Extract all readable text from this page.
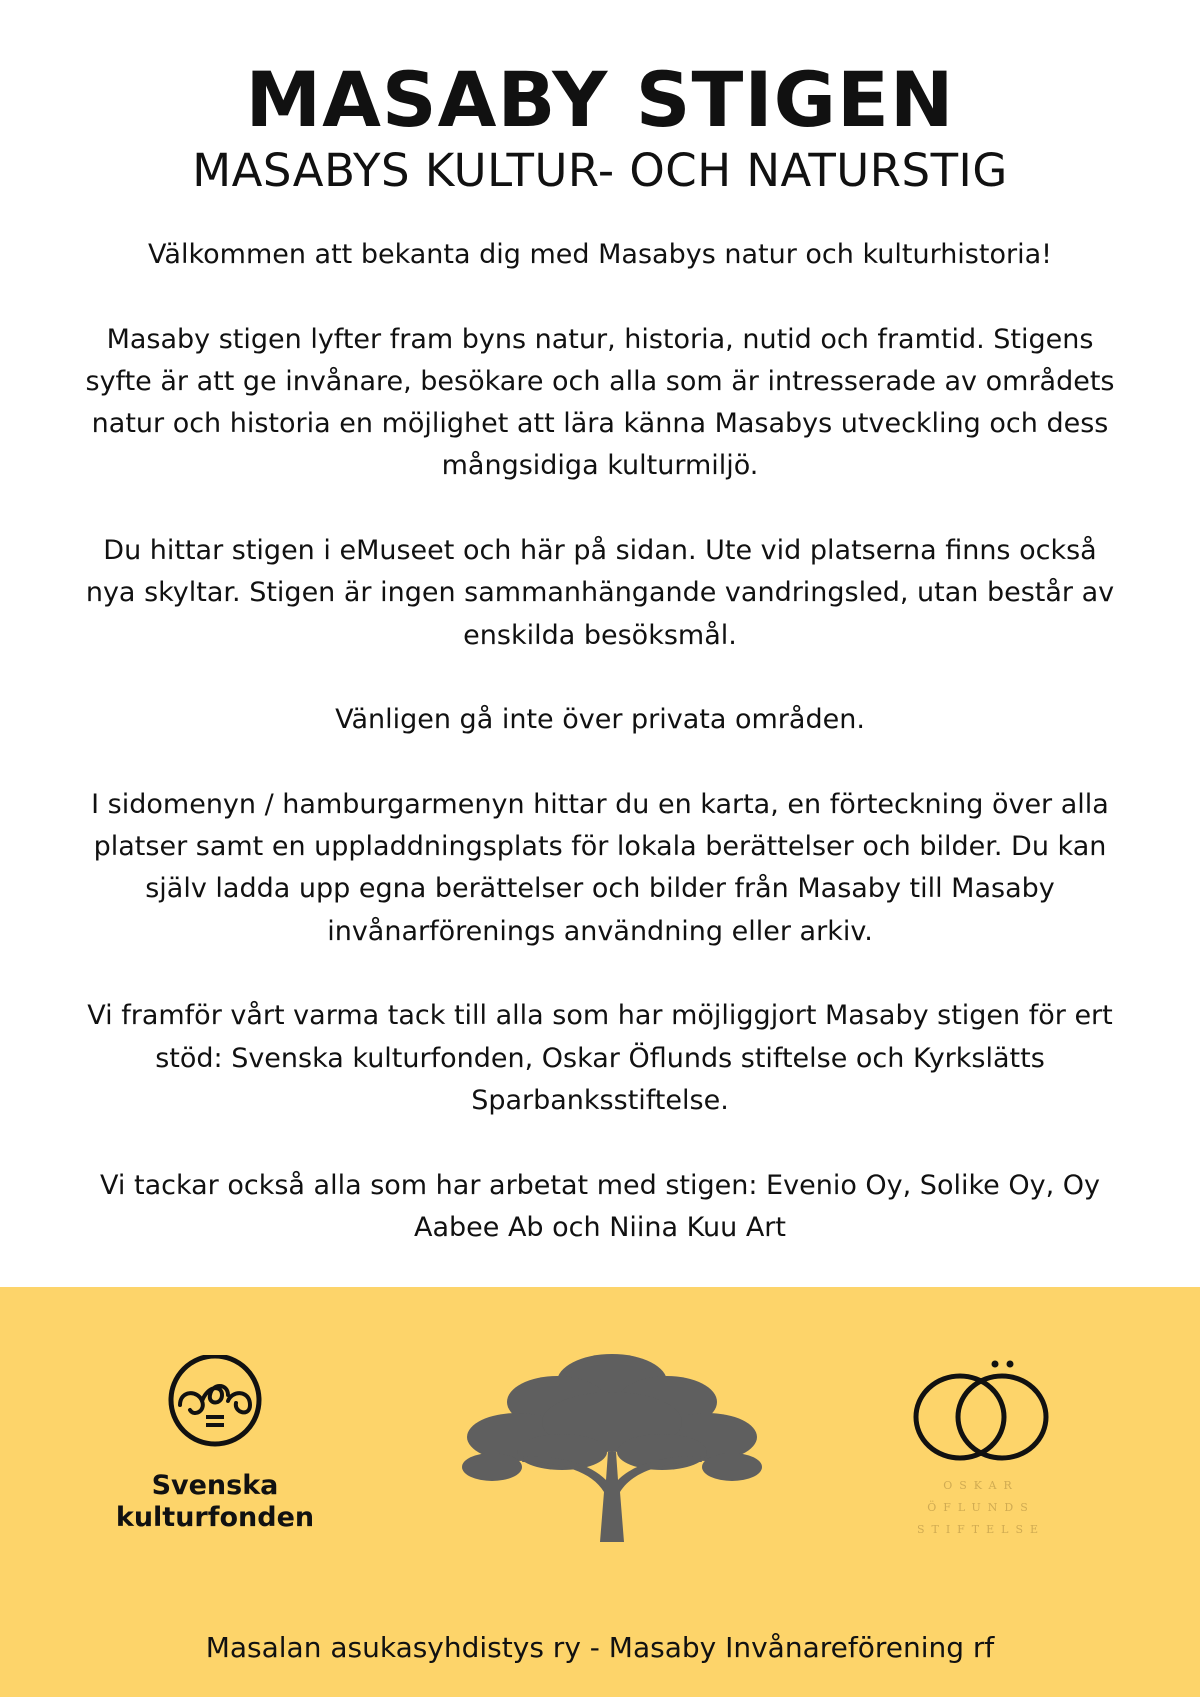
MASABY STIGEN
MASABYS KULTUR- OCH NATURSTIG

Välkommen att bekanta dig med Masabys natur och kulturhistoria!

Masaby stigen lyfter fram byns natur, historia, nutid och framtid. Stigens syfte är att ge invånare, besökare och alla som är intresserade av områdets natur och historia en möjlighet att lära känna Masabys utveckling och dess mångsidiga kulturmiljö.

Du hittar stigen i eMuseet och här på sidan. Ute vid platserna finns också nya skyltar. Stigen är ingen sammanhängande vandringsled, utan består av enskilda besöksmål.

Vänligen gå inte över privata områden.

I sidomenyn / hamburgarmenyn hittar du en karta, en förteckning över alla platser samt en uppladdningsplats för lokala berättelser och bilder. Du kan själv ladda upp egna berättelser och bilder från Masaby till Masaby invånarförenings användning eller arkiv.

Vi framför vårt varma tack till alla som har möjliggjort Masaby stigen för ert stöd: Svenska kulturfonden, Oskar Öflunds stiftelse och Kyrkslätts Sparbanksstiftelse.

Vi tackar också alla som har arbetat med stigen: Evenio Oy, Solike Oy, Oy Aabee Ab och Niina Kuu Art

Svenska kulturfonden
OSKAR ÖFLUNDS STIFTELSE
Masalan asukasyhdistys ry - Masaby Invånareförening rf
